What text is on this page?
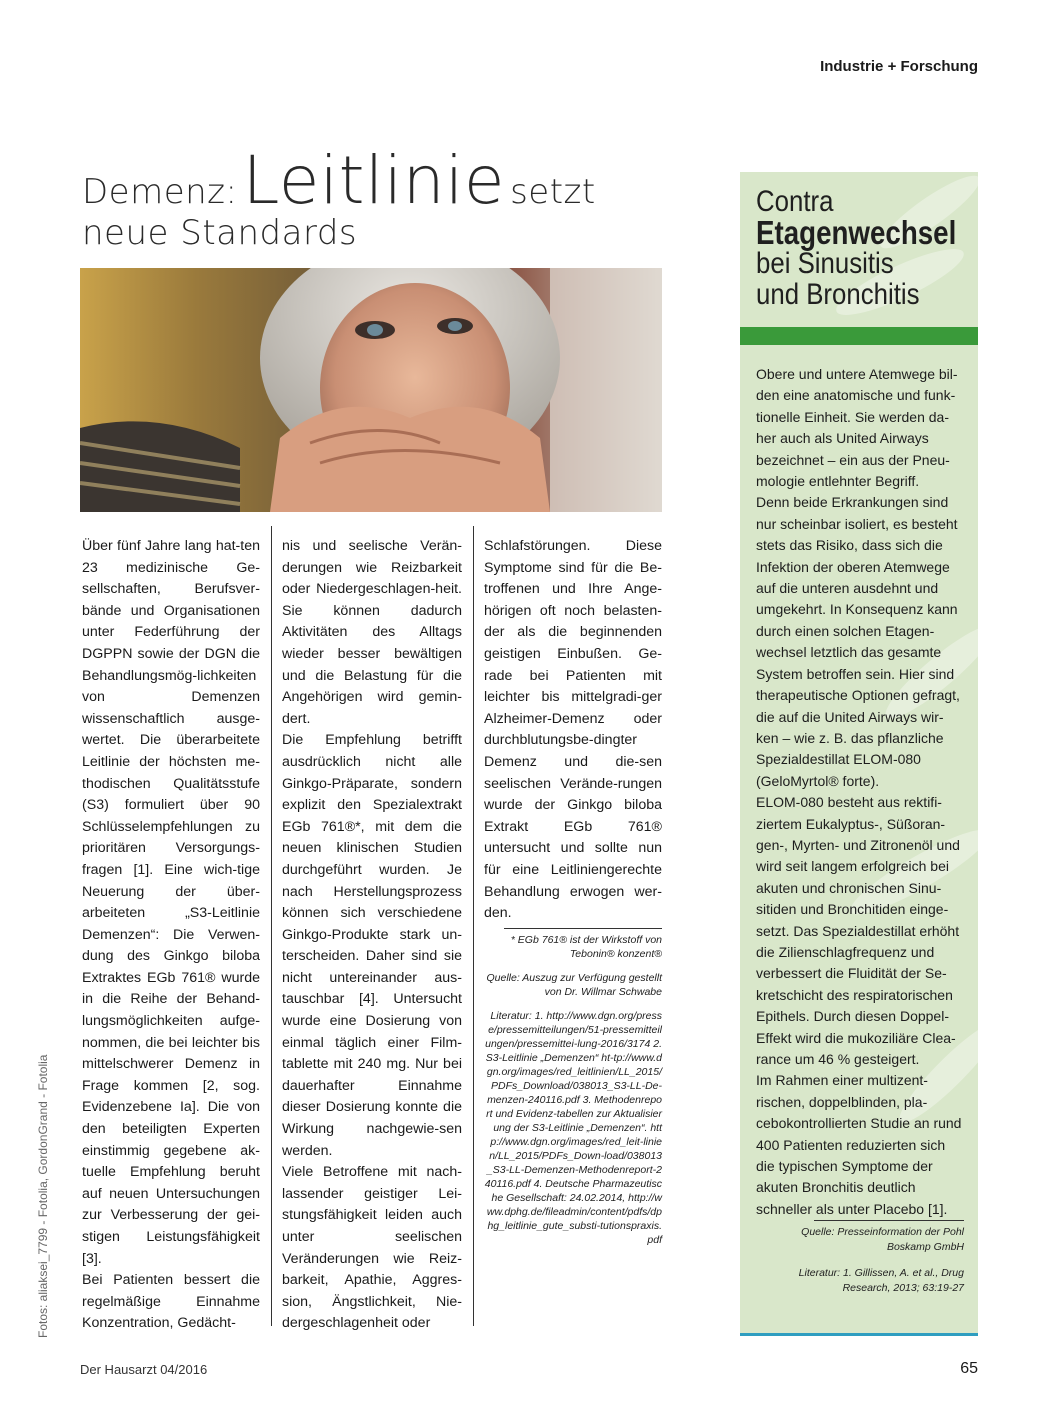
Industrie + Forschung
Demenz: Leitlinie setzt
neue Standards

Über fünf Jahre lang hat-ten 23 medizinische Ge-sellschaften, Berufsver-bände und Organisationen unter Federführung der DGPPN sowie der DGN die Behandlungsmög-lichkeiten von Demenzen wissenschaftlich ausge-wertet. Die überarbeitete Leitlinie der höchsten me-thodischen Qualitätsstufe (S3) formuliert über 90 Schlüsselempfehlungen zu prioritären Versorgungs-fragen [1]. Eine wich-tige Neuerung der über-arbeiteten „S3-Leitlinie Demenzen“: Die Verwen-dung des Ginkgo biloba Extraktes EGb 761® wurde in die Reihe der Behand-lungsmöglichkeiten aufge-nommen, die bei leichter bis mittelschwerer Demenz in Frage kommen [2, sog. Evidenzebene Ia]. Die von den beteiligten Experten einstimmig gegebene ak-tuelle Empfehlung beruht auf neuen Untersuchungen zur Verbesserung der gei-stigen Leistungsfähigkeit [3].

Bei Patienten bessert die regelmäßige Einnahme Konzentration, Gedächt-

nis und seelische Verän-derungen wie Reizbarkeit oder Niedergeschlagen-heit. Sie können dadurch Aktivitäten des Alltags wieder besser bewältigen und die Belastung für die Angehörigen wird gemin-dert.

Die Empfehlung betrifft ausdrücklich nicht alle Ginkgo-Präparate, sondern explizit den Spezialextrakt EGb 761®*, mit dem die neuen klinischen Studien durchgeführt wurden. Je nach Herstellungsprozess können sich verschiedene Ginkgo-Produkte stark un-terscheiden. Daher sind sie nicht untereinander aus-tauschbar [4]. Untersucht wurde eine Dosierung von einmal täglich einer Film-tablette mit 240 mg. Nur bei dauerhafter Einnahme dieser Dosierung konnte die Wirkung nachgewie-sen werden.

Viele Betroffene mit nach-lassender geistiger Lei-stungsfähigkeit leiden auch unter seelischen Veränderungen wie Reiz-barkeit, Apathie, Aggres-sion, Ängstlichkeit, Nie-dergeschlagenheit oder

Schlafstörungen. Diese Symptome sind für die Be-troffenen und Ihre Ange-hörigen oft noch belasten-der als die beginnenden geistigen Einbußen. Ge-rade bei Patienten mit leichter bis mittelgradi-ger Alzheimer-Demenz oder durchblutungsbe-dingter Demenz und die-sen seelischen Verände-rungen wurde der Ginkgo biloba Extrakt EGb 761® untersucht und sollte nun für eine Leitliniengerechte Behandlung erwogen wer-den.

* EGb 761® ist der Wirkstoff von Tebonin® konzent®

Quelle: Auszug zur Verfügung gestellt von Dr. Willmar Schwabe

Literatur: 1. http://www.dgn.org/presse/pressemitteilungen/51-pressemitteilungen/pressemittei-lung-2016/3174 2. S3-Leitlinie „Demenzen“ ht-tp://www.dgn.org/images/red_leitlinien/LL_2015/PDFs_Download/038013_S3-LL-De-menzen-240116.pdf 3. Methodenreport und Evidenz-tabellen zur Aktualisierung der S3-Leitlinie „Demenzen“. http://www.dgn.org/images/red_leit-linien/LL_2015/PDFs_Down-load/038013_S3-LL-Demenzen-Methodenreport-240116.pdf 4. Deutsche Pharmazeutische Gesellschaft: 24.02.2014, http://www.dphg.de/fileadmin/content/pdfs/dphg_leitlinie_gute_substi-tutionspraxis.pdf

Contra
Etagenwechsel
bei Sinusitis
und Bronchitis

Obere und untere Atemwege bil-den eine anatomische und funk-tionelle Einheit. Sie werden da-her auch als United Airways bezeichnet – ein aus der Pneu-mologie entlehnter Begriff.

Denn beide Erkrankungen sind nur scheinbar isoliert, es besteht stets das Risiko, dass sich die Infektion der oberen Atemwege auf die unteren ausdehnt und umgekehrt. In Konsequenz kann durch einen solchen Etagen-wechsel letztlich das gesamte System betroffen sein. Hier sind therapeutische Optionen gefragt, die auf die United Airways wir-ken – wie z. B. das pflanzliche Spezialdestillat ELOM-080 (GeloMyrtol® forte).

ELOM-080 besteht aus rektifi-ziertem Eukalyptus-, Süßoran-gen-, Myrten- und Zitronenöl und wird seit langem erfolgreich bei akuten und chronischen Sinu-sitiden und Bronchitiden einge-setzt. Das Spezialdestillat erhöht die Zilienschlagfrequenz und verbessert die Fluidität der Se-kretschicht des respiratorischen Epithels. Durch diesen Doppel-Effekt wird die mukoziliäre Clea-rance um 46 % gesteigert.

Im Rahmen einer multizent-rischen, doppelblinden, pla-cebokontrollierten Studie an rund 400 Patienten reduzierten sich die typischen Symptome der akuten Bronchitis deutlich schneller als unter Placebo [1].

Quelle: Presseinformation der Pohl Boskamp GmbH

Literatur: 1. Gillissen, A. et al., Drug Research, 2013; 63:19-27

Fotos: aliaksei_7799 - Fotolia, GordonGrand - Fotolia
Der Hausarzt 04/2016	65
